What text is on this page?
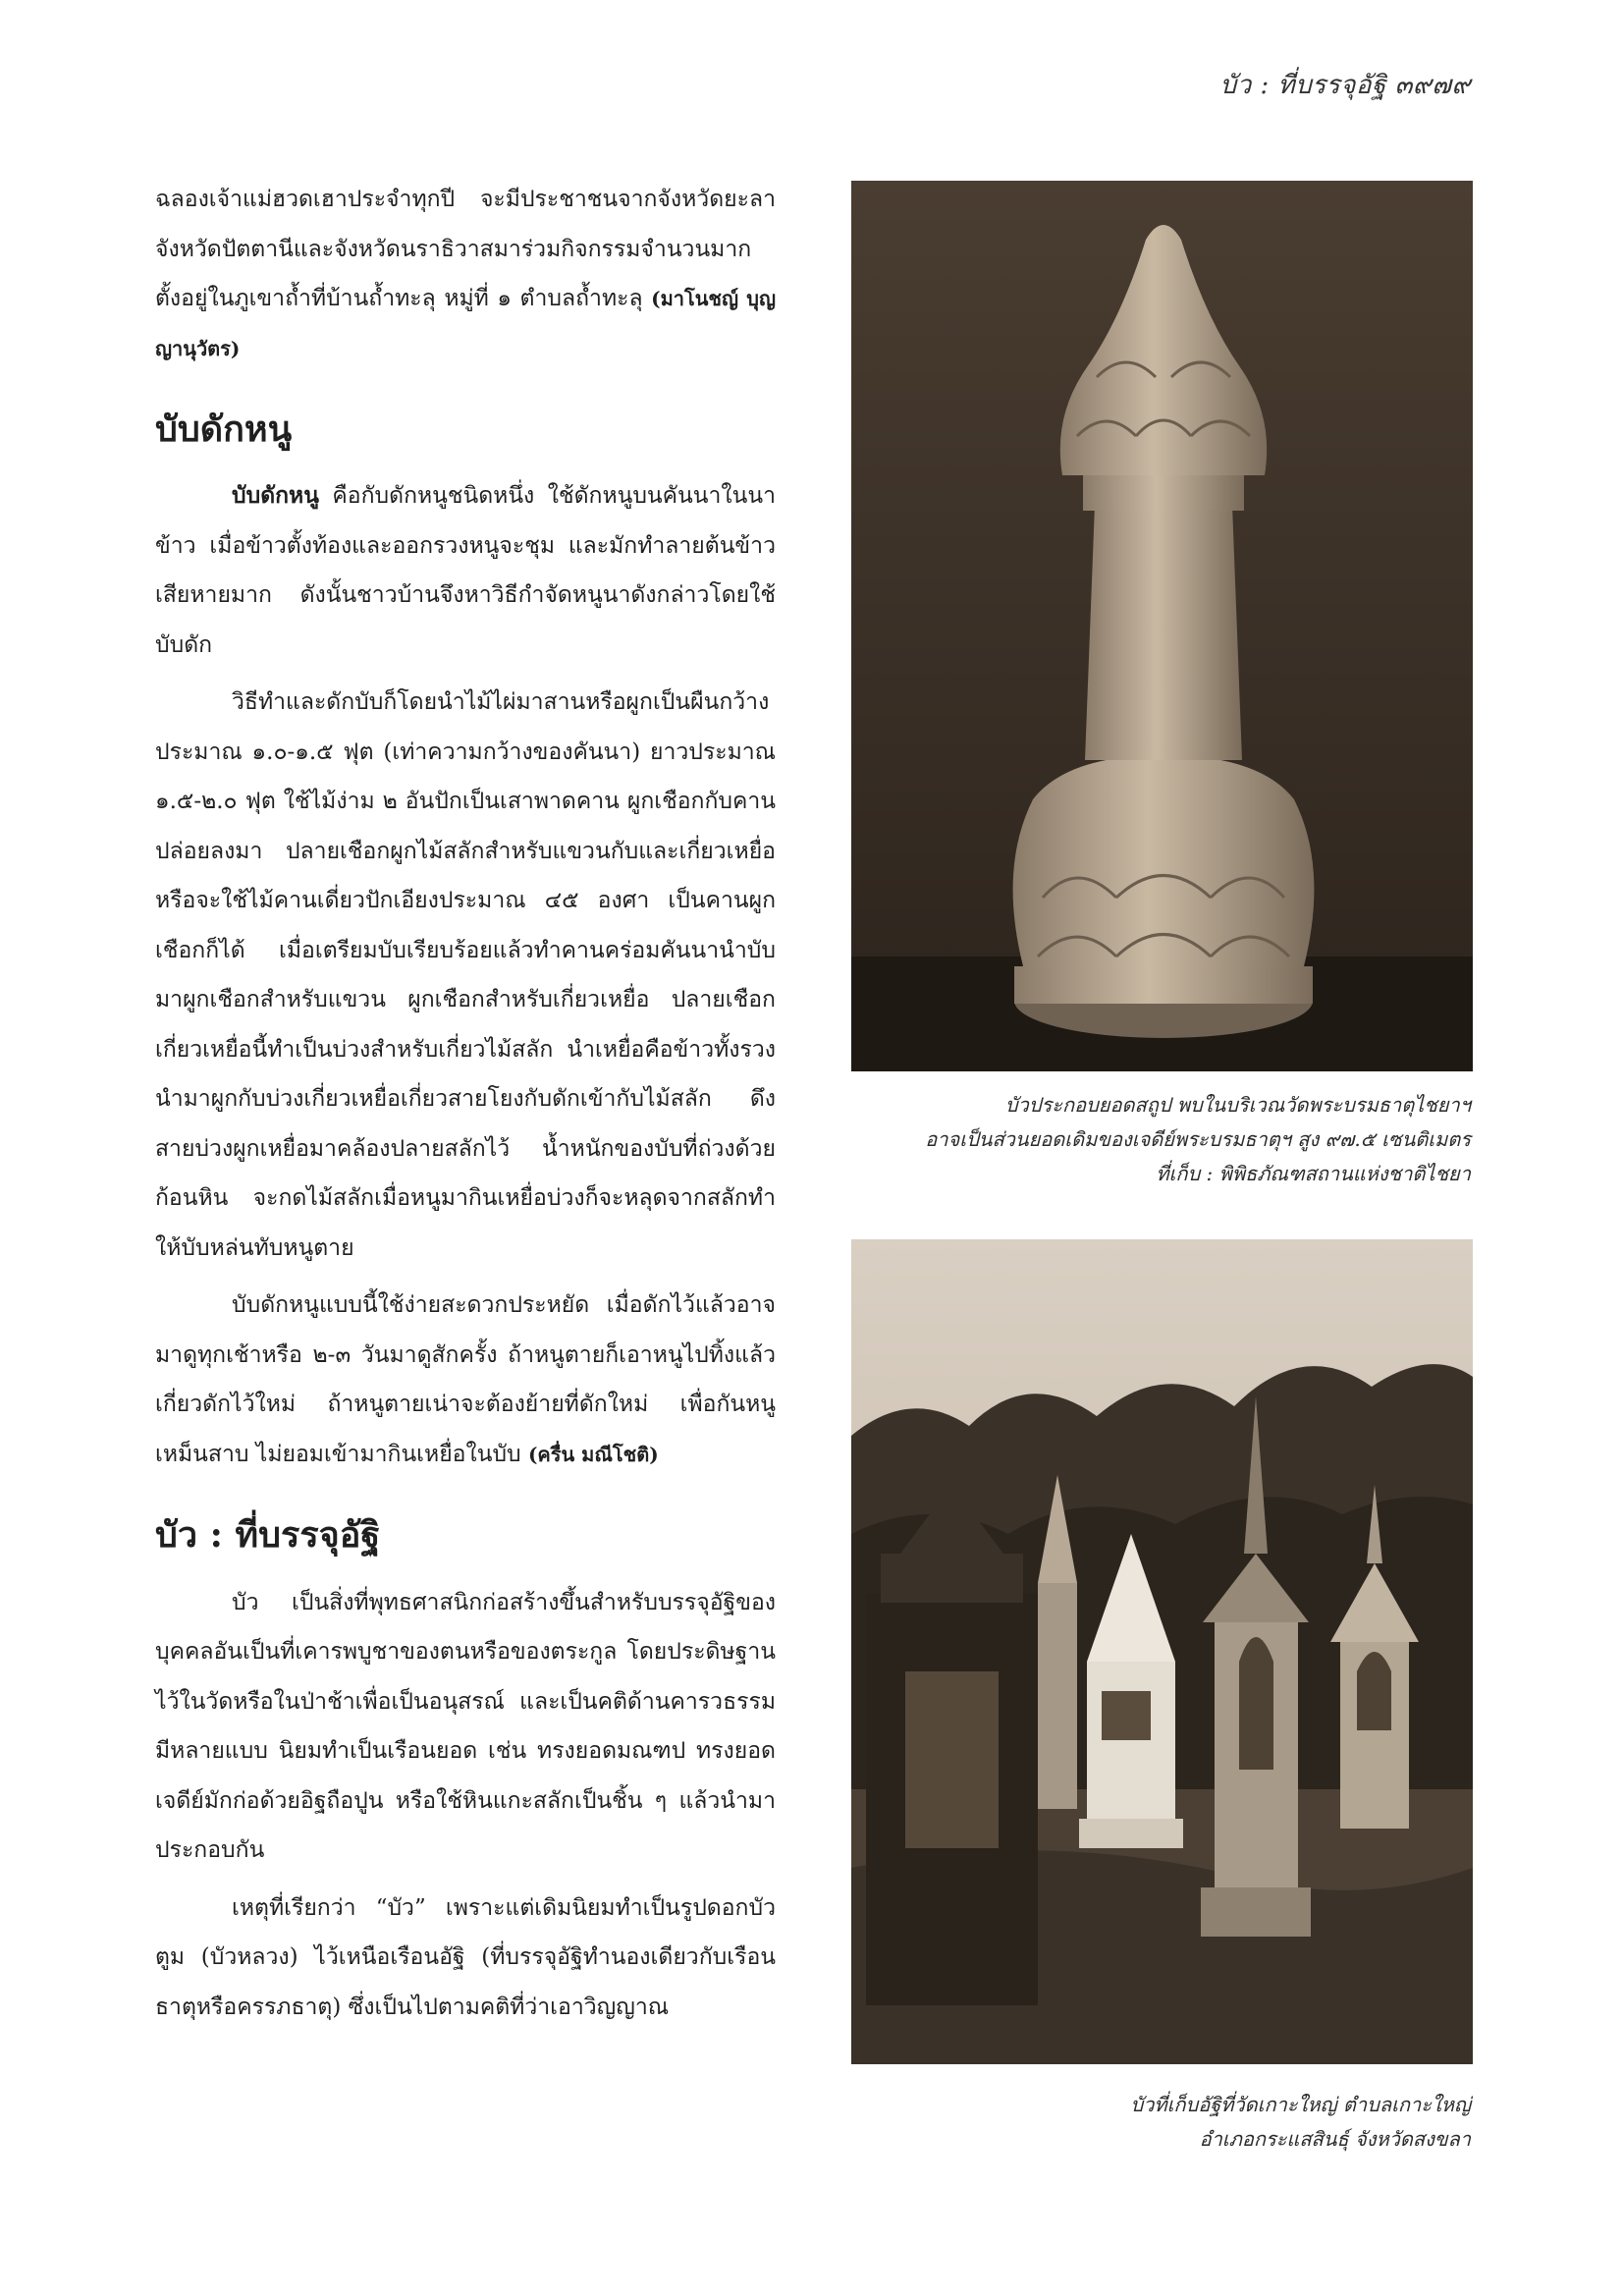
บัว : ที่บรรจุอัฐิ ๓๙๗๙

ฉลองเจ้าแม่ฮวดเฮาประจำทุกปี จะมีประชาชนจากจังหวัดยะลา จังหวัดปัตตานีและจังหวัดนราธิวาสมาร่วมกิจกรรมจำนวนมาก ตั้งอยู่ในภูเขาถ้ำที่บ้านถ้ำทะลุ หมู่ที่ ๑ ตำบลถ้ำทะลุ (มาโนชญ์ บุญญานุวัตร)

บับดักหนู

บับดักหนู คือกับดักหนูชนิดหนึ่ง ใช้ดักหนูบนคันนาในนาข้าว เมื่อข้าวตั้งท้องและออกรวงหนูจะชุม และมักทำลายต้นข้าวเสียหายมาก ดังนั้นชาวบ้านจึงหาวิธีกำจัดหนูนาดังกล่าวโดยใช้บับดัก

วิธีทำและดักบับก็โดยนำไม้ไผ่มาสานหรือผูกเป็นผืนกว้างประมาณ ๑.๐-๑.๕ ฟุต (เท่าความกว้างของคันนา) ยาวประมาณ ๑.๕-๒.๐ ฟุต ใช้ไม้ง่าม ๒ อันปักเป็นเสาพาดคาน ผูกเชือกกับคานปล่อยลงมา ปลายเชือกผูกไม้สลักสำหรับแขวนกับและเกี่ยวเหยื่อ หรือจะใช้ไม้คานเดี่ยวปักเอียงประมาณ ๔๕ องศา เป็นคานผูกเชือกก็ได้ เมื่อเตรียมบับเรียบร้อยแล้วทำคานคร่อมคันนานำบับมาผูกเชือกสำหรับแขวน ผูกเชือกสำหรับเกี่ยวเหยื่อ ปลายเชือกเกี่ยวเหยื่อนี้ทำเป็นบ่วงสำหรับเกี่ยวไม้สลัก นำเหยื่อคือข้าวทั้งรวงนำมาผูกกับบ่วงเกี่ยวเหยื่อเกี่ยวสายโยงกับดักเข้ากับไม้สลัก ดึงสายบ่วงผูกเหยื่อมาคล้องปลายสลักไว้ น้ำหนักของบับที่ถ่วงด้วยก้อนหิน จะกดไม้สลักเมื่อหนูมากินเหยื่อบ่วงก็จะหลุดจากสลักทำให้บับหล่นทับหนูตาย

บับดักหนูแบบนี้ใช้ง่ายสะดวกประหยัด เมื่อดักไว้แล้วอาจมาดูทุกเช้าหรือ ๒-๓ วันมาดูสักครั้ง ถ้าหนูตายก็เอาหนูไปทิ้งแล้วเกี่ยวดักไว้ใหม่ ถ้าหนูตายเน่าจะต้องย้ายที่ดักใหม่ เพื่อกันหนูเหม็นสาบ ไม่ยอมเข้ามากินเหยื่อในบับ (ครื่น มณีโชติ)

บัว : ที่บรรจุอัฐิ

บัว เป็นสิ่งที่พุทธศาสนิกก่อสร้างขึ้นสำหรับบรรจุอัฐิของบุคคลอันเป็นที่เคารพบูชาของตนหรือของตระกูล โดยประดิษฐานไว้ในวัดหรือในป่าช้าเพื่อเป็นอนุสรณ์ และเป็นคติด้านคารวธรรม มีหลายแบบ นิยมทำเป็นเรือนยอด เช่น ทรงยอดมณฑป ทรงยอดเจดีย์มักก่อด้วยอิฐถือปูน หรือใช้หินแกะสลักเป็นชิ้น ๆ แล้วนำมาประกอบกัน

เหตุที่เรียกว่า “บัว” เพราะแต่เดิมนิยมทำเป็นรูปดอกบัวตูม (บัวหลวง) ไว้เหนือเรือนอัฐิ (ที่บรรจุอัฐิทำนองเดียวกับเรือนธาตุหรือครรภธาตุ) ซึ่งเป็นไปตามคติที่ว่าเอาวิญญาณ

บัวประกอบยอดสถูป พบในบริเวณวัดพระบรมธาตุไชยาฯ
อาจเป็นส่วนยอดเดิมของเจดีย์พระบรมธาตุฯ สูง ๙๗.๕ เซนติเมตร
ที่เก็บ : พิพิธภัณฑสถานแห่งชาติไชยา
บัวที่เก็บอัฐิที่วัดเกาะใหญ่ ตำบลเกาะใหญ่
อำเภอกระแสสินธุ์ จังหวัดสงขลา
